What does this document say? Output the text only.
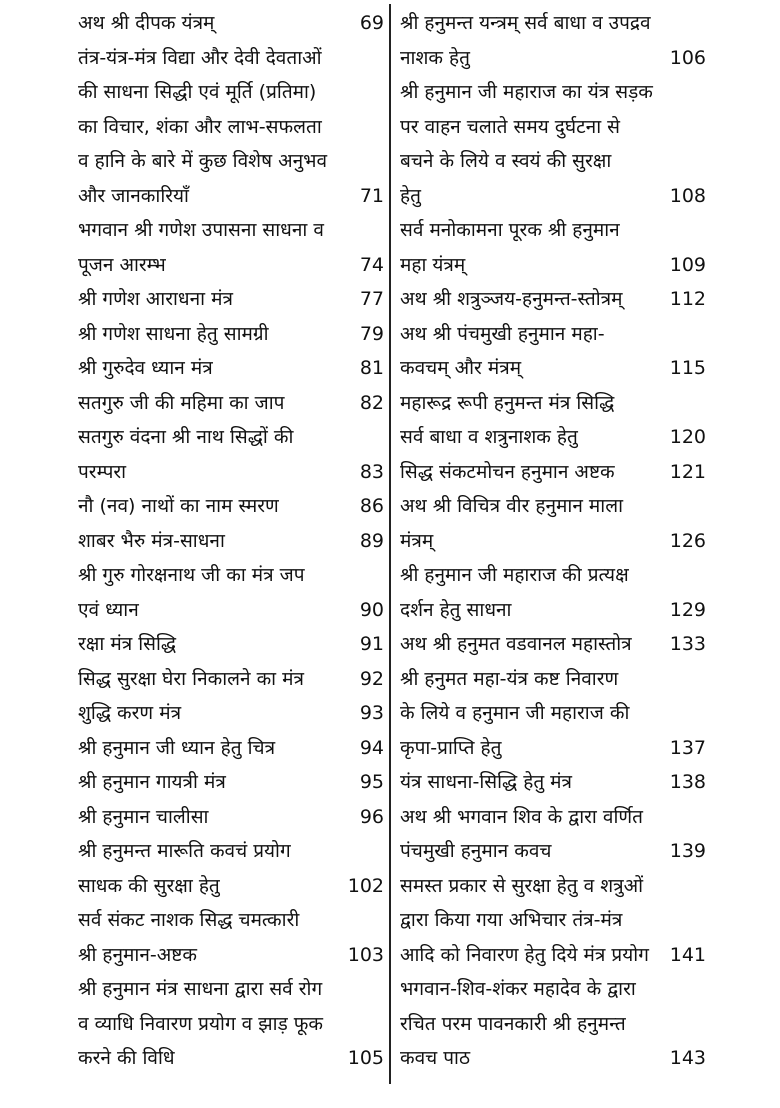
अथ श्री दीपक यंत्रम्	69
तंत्र-यंत्र-मंत्र विद्या और देवी देवताओं
की साधना सिद्धी एवं मूर्ति (प्रतिमा)
का विचार, शंका और लाभ-सफलता
व हानि के बारे में कुछ विशेष अनुभव
और जानकारियाँ	71
भगवान श्री गणेश उपासना साधना व
पूजन आरम्भ	74
श्री गणेश आराधना मंत्र	77
श्री गणेश साधना हेतु सामग्री	79
श्री गुरुदेव ध्यान मंत्र	81
सतगुरु जी की महिमा का जाप	82
सतगुरु वंदना श्री नाथ सिद्धों की
परम्परा	83
नौ (नव) नाथों का नाम स्मरण	86
शाबर भैरु मंत्र-साधना	89
श्री गुरु गोरक्षनाथ जी का मंत्र जप
एवं ध्यान	90
रक्षा मंत्र सिद्धि	91
सिद्ध सुरक्षा घेरा निकालने का मंत्र	92
शुद्धि करण मंत्र	93
श्री हनुमान जी ध्यान हेतु चित्र	94
श्री हनुमान गायत्री मंत्र	95
श्री हनुमान चालीसा	96
श्री हनुमन्त मारूति कवचं प्रयोग
साधक की सुरक्षा हेतु	102
सर्व संकट नाशक सिद्ध चमत्कारी
श्री हनुमान-अष्टक	103
श्री हनुमान मंत्र साधना द्वारा सर्व रोग
व व्याधि निवारण प्रयोग व झाड़ फूक
करने की विधि	105
श्री हनुमन्त यन्त्रम् सर्व बाधा व उपद्रव
नाशक हेतु	106
श्री हनुमान जी महाराज का यंत्र सड़क
पर वाहन चलाते समय दुर्घटना से
बचने के लिये व स्वयं की सुरक्षा
हेतु	108
सर्व मनोकामना पूरक श्री हनुमान
महा यंत्रम्	109
अथ श्री शत्रुञ्जय-हनुमन्त-स्तोत्रम् 112
अथ श्री पंचमुखी हनुमान महा-
कवचम् और मंत्रम्	115
महारूद्र रूपी हनुमन्त मंत्र सिद्धि
सर्व बाधा व शत्रुनाशक हेतु	120
सिद्ध संकटमोचन हनुमान अष्टक	121
अथ श्री विचित्र वीर हनुमान माला
मंत्रम्	126
श्री हनुमान जी महाराज की प्रत्यक्ष
दर्शन हेतु साधना	129
अथ श्री हनुमत वडवानल महास्तोत्र 133
श्री हनुमत महा-यंत्र कष्ट निवारण
के लिये व हनुमान जी महाराज की
कृपा-प्राप्ति हेतु	137
यंत्र साधना-सिद्धि हेतु मंत्र	138
अथ श्री भगवान शिव के द्वारा वर्णित
पंचमुखी हनुमान कवच	139
समस्त प्रकार से सुरक्षा हेतु व शत्रुओं
द्वारा किया गया अभिचार तंत्र-मंत्र
आदि को निवारण हेतु दिये मंत्र प्रयोग 141
भगवान-शिव-शंकर महादेव के द्वारा
रचित परम पावनकारी श्री हनुमन्त
कवच पाठ	143
